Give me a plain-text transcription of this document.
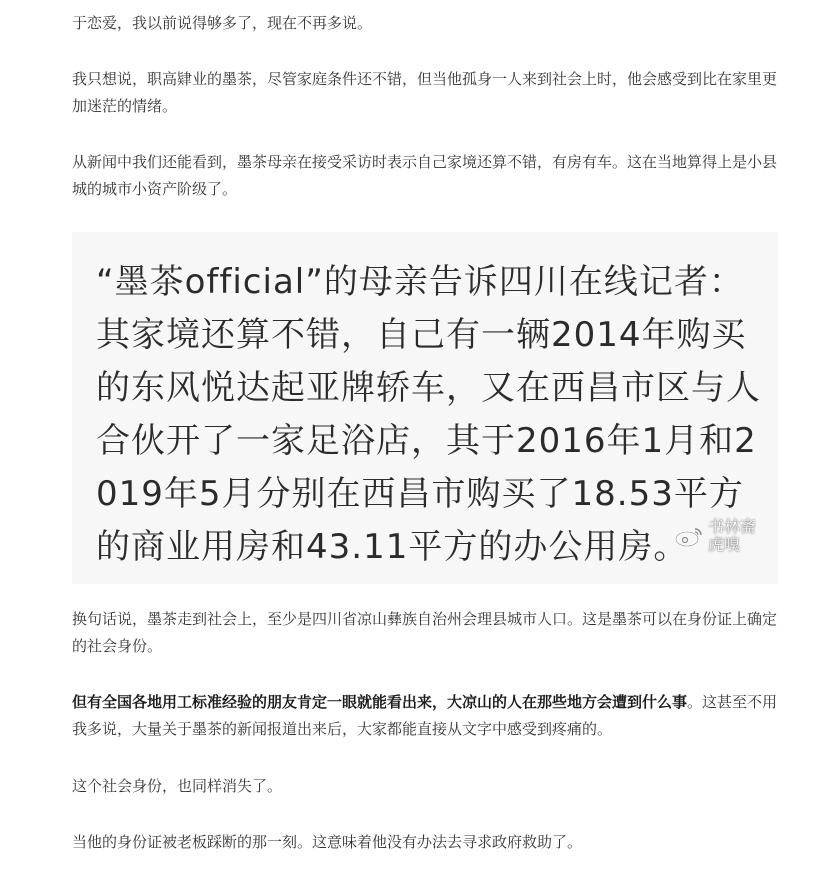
于恋爱，我以前说得够多了，现在不再多说。

我只想说，职高肄业的墨茶，尽管家庭条件还不错，但当他孤身一人来到社会上时，他会感受到比在家里更加迷茫的情绪。

从新闻中我们还能看到，墨茶母亲在接受采访时表示自己家境还算不错，有房有车。这在当地算得上是小县城的城市小资产阶级了。

换句话说，墨茶走到社会上，至少是四川省凉山彝族自治州会理县城市人口。这是墨茶可以在身份证上确定的社会身份。

但有全国各地用工标准经验的朋友肯定一眼就能看出来，大凉山的人在那些地方会遭到什么事。这甚至不用我多说，大量关于墨茶的新闻报道出来后，大家都能直接从文字中感受到疼痛的。

这个社会身份，也同样消失了。

当他的身份证被老板踩断的那一刻。这意味着他没有办法去寻求政府救助了。

“墨茶official”的母亲告诉四川在线记者：其家境还算不错，自己有一辆2014年购买的东风悦达起亚牌轿车，又在西昌市区与人合伙开了一家足浴店，其于2016年1月和2019年5月分别在西昌市购买了18.53平方的商业用房和43.11平方的办公用房。
书林斋
虎嗅
